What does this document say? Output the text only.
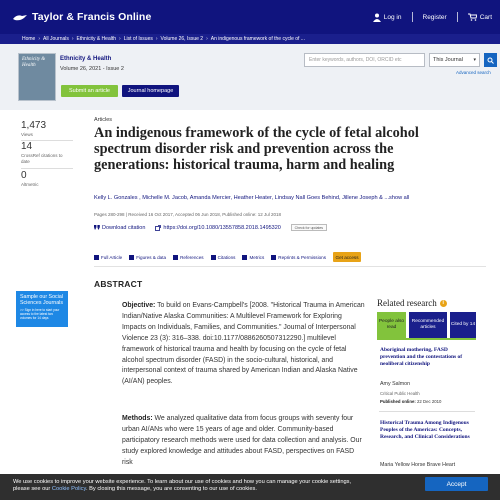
Taylor & Francis Online	Log in	Register	Cart
Home › All Journals › Ethnicity & Health › List of Issues › Volume 26, Issue 2 › An indigenous framework of the cycle of ...
Ethnicity & Health
Ethnicity & Health
Volume 26, 2021 - Issue 2
Submit an article	Journal homepage
Enter keywords, authors, DOI, ORCID etc	This Journal ▾
Advanced search
1,473
Views
14
CrossRef citations to date
0
Altmetric
Articles
An indigenous framework of the cycle of fetal alcohol spectrum disorder risk and prevention across the generations: historical trauma, harm and healing
Kelly L. Gonzales , Michelle M. Jacob, Amanda Mercier, Heather Heater, Lindsay Nall Goes Behind, Jillene Joseph & ...show all
Pages 280-298 | Received 16 Oct 2017, Accepted 06 Jun 2018, Published online: 12 Jul 2018
Download citation	https://doi.org/10.1080/13557858.2018.1495320	Check for updates
Full Article	Figures & data	References	Citations	Metrics	Reprints & Permissions	Get access
ABSTRACT

Objective: To build on Evans-Campbell's [2008. "Historical Trauma in American Indian/Native Alaska Communities: A Multilevel Framework for Exploring Impacts on Individuals, Families, and Communities." Journal of Interpersonal Violence 23 (3): 316–338. doi:10.1177/0886260507312290.] multilevel framework of historical trauma and health by focusing on the cycle of fetal alcohol spectrum disorder (FASD) in the socio-cultural, historical, and interpersonal context of trauma shared by American Indian and Alaska Native (AI/AN) peoples.

Methods: We analyzed qualitative data from focus groups with seventy four urban AI/ANs who were 15 years of age and older. Community-based participatory research methods were used for data collection and analysis. Our study explored knowledge and attitudes about FASD, perspectives on FASD risk

Sample our Social Sciences Journals
>> Sign in here to start your access to the latest two volumes for 14 days
Related research	i
People also read
Recommended articles
Cited by 14
Aboriginal mothering, FASD prevention and the contestations of neoliberal citizenship
Amy Salmon
Critical Public Health
Published online: 22 Dec 2010
Historical Trauma Among Indigenous Peoples of the Americas: Concepts, Research, and Clinical Considerations
Maria Yellow Horse Brave Heart
We use cookies to improve your website experience. To learn about our use of cookies and how you can manage your cookie settings,
please see our Cookie Policy. By closing this message, you are consenting to our use of cookies.
Accept
